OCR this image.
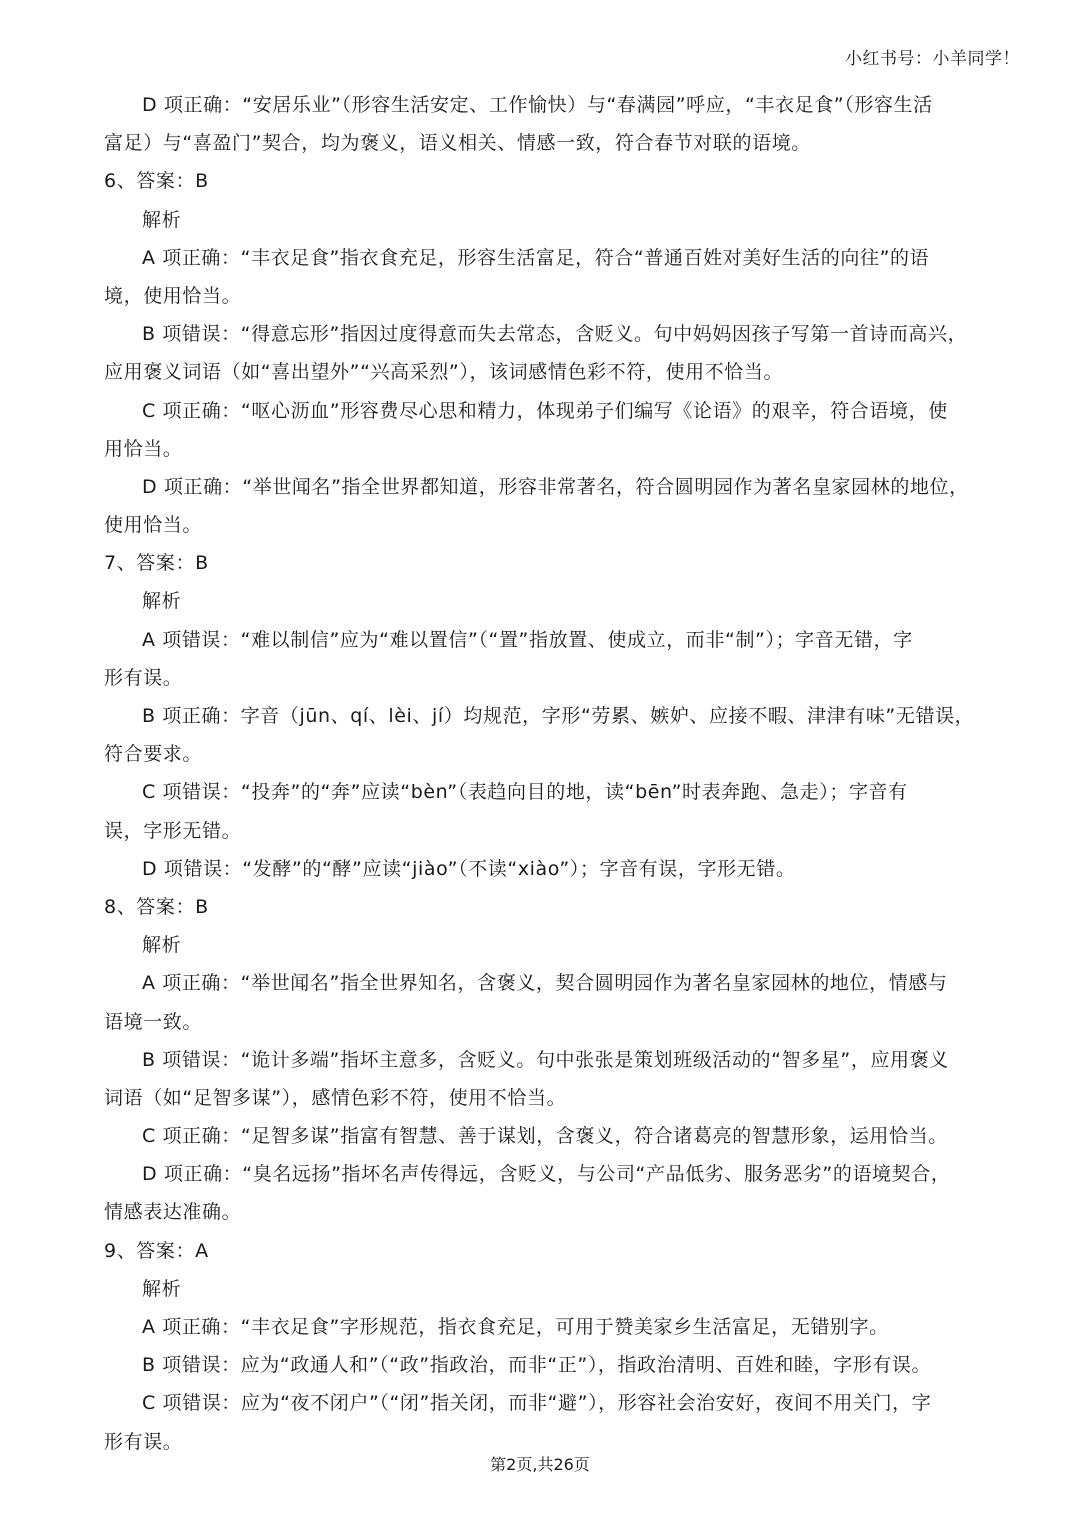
小红书号：小羊同学！
D 项正确：“安居乐业”（形容生活安定、工作愉快）与“春满园”呼应，“丰衣足食”（形容生活
富足）与“喜盈门”契合，均为褒义，语义相关、情感一致，符合春节对联的语境。
6、答案：B
解析
A 项正确：“丰衣足食”指衣食充足，形容生活富足，符合“普通百姓对美好生活的向往”的语
境，使用恰当。
B 项错误：“得意忘形”指因过度得意而失去常态，含贬义。句中妈妈因孩子写第一首诗而高兴，
应用褒义词语（如“喜出望外”“兴高采烈”），该词感情色彩不符，使用不恰当。
C 项正确：“呕心沥血”形容费尽心思和精力，体现弟子们编写《论语》的艰辛，符合语境，使
用恰当。
D 项正确：“举世闻名”指全世界都知道，形容非常著名，符合圆明园作为著名皇家园林的地位，
使用恰当。
7、答案：B
解析
A 项错误：“难以制信”应为“难以置信”（“置”指放置、使成立，而非“制”）；字音无错，字
形有误。
B 项正确：字音（jūn、qí、lèi、jí）均规范，字形“劳累、嫉妒、应接不暇、津津有味”无错误，
符合要求。
C 项错误：“投奔”的“奔”应读“bèn”（表趋向目的地，读“bēn”时表奔跑、急走）；字音有
误，字形无错。
D 项错误：“发酵”的“酵”应读“jiào”（不读“xiào”）；字音有误，字形无错。
8、答案：B
解析
A 项正确：“举世闻名”指全世界知名，含褒义，契合圆明园作为著名皇家园林的地位，情感与
语境一致。
B 项错误：“诡计多端”指坏主意多，含贬义。句中张张是策划班级活动的“智多星”，应用褒义
词语（如“足智多谋”），感情色彩不符，使用不恰当。
C 项正确：“足智多谋”指富有智慧、善于谋划，含褒义，符合诸葛亮的智慧形象，运用恰当。
D 项正确：“臭名远扬”指坏名声传得远，含贬义，与公司“产品低劣、服务恶劣”的语境契合，
情感表达准确。
9、答案：A
解析
A 项正确：“丰衣足食”字形规范，指衣食充足，可用于赞美家乡生活富足，无错别字。
B 项错误：应为“政通人和”（“政”指政治，而非“正”），指政治清明、百姓和睦，字形有误。
C 项错误：应为“夜不闭户”（“闭”指关闭，而非“避”），形容社会治安好，夜间不用关门，字
形有误。
第2页,共26页
